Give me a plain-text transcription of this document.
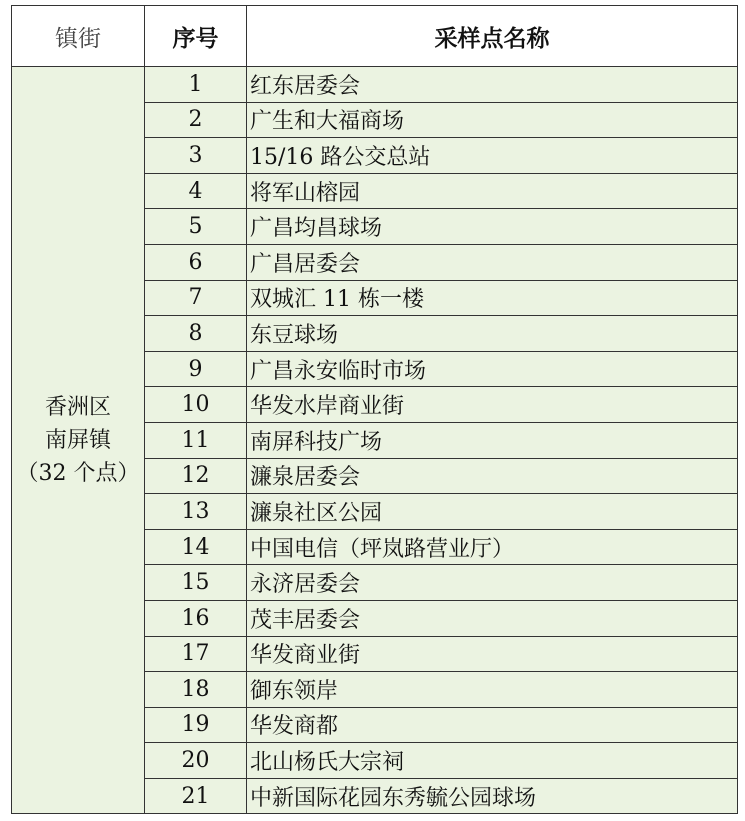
镇街	序号	采样点名称

香洲区
南屏镇
（32 个点）	1	红东居委会
	2	广生和大福商场
	3	15/16 路公交总站
	4	将军山榕园
	5	广昌均昌球场
	6	广昌居委会
	7	双城汇 11 栋一楼
	8	东豆球场
	9	广昌永安临时市场
	10	华发水岸商业街
	11	南屏科技广场
	12	濂泉居委会
	13	濂泉社区公园
	14	中国电信（坪岚路营业厅）
	15	永济居委会
	16	茂丰居委会
	17	华发商业街
	18	御东领岸
	19	华发商都
	20	北山杨氏大宗祠
	21	中新国际花园东秀毓公园球场
